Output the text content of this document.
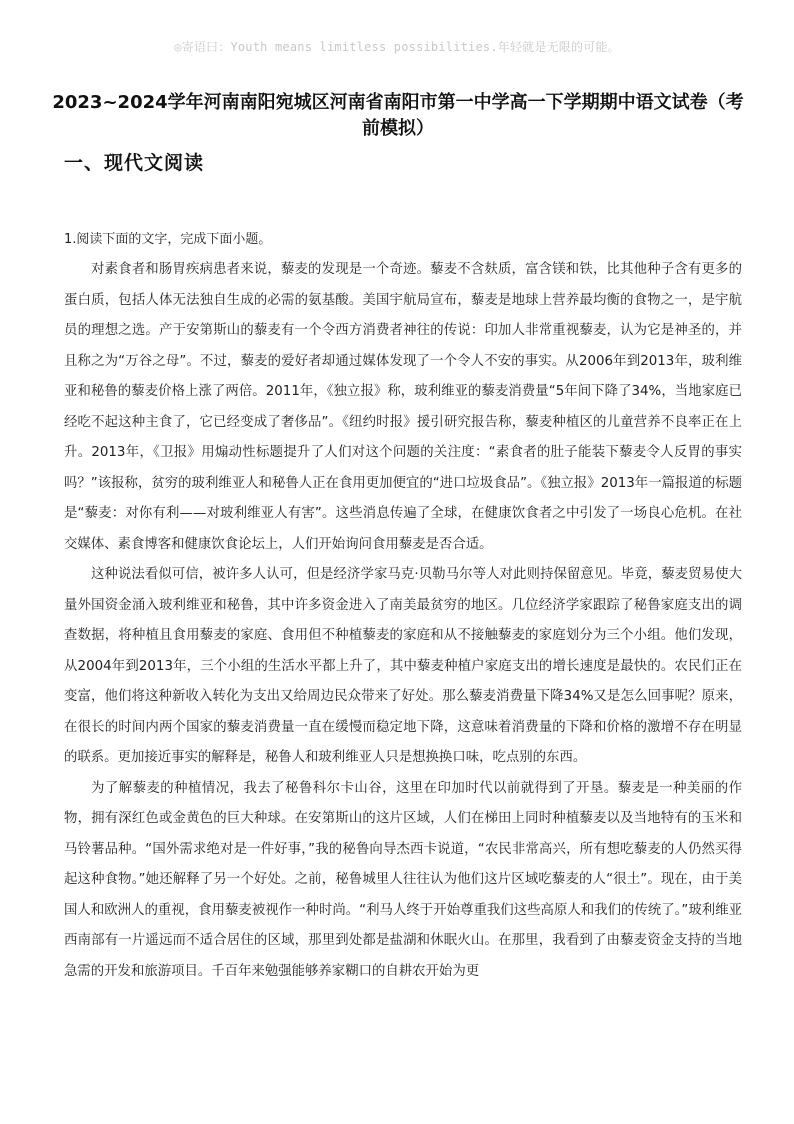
◎寄语曰：Youth means limitless possibilities.年轻就是无限的可能。
2023~2024学年河南南阳宛城区河南省南阳市第一中学高一下学期期中语文试卷（考前模拟）
一、现代文阅读
1.阅读下面的文字，完成下面小题。

对素食者和肠胃疾病患者来说，藜麦的发现是一个奇迹。藜麦不含麸质，富含镁和铁，比其他种子含有更多的蛋白质，包括人体无法独自生成的必需的氨基酸。美国宇航局宣布，藜麦是地球上营养最均衡的食物之一，是宇航员的理想之选。产于安第斯山的藜麦有一个令西方消费者神往的传说：印加人非常重视藜麦，认为它是神圣的，并且称之为“万谷之母”。不过，藜麦的爱好者却通过媒体发现了一个令人不安的事实。从2006年到2013年，玻利维亚和秘鲁的藜麦价格上涨了两倍。2011年，《独立报》称，玻利维亚的藜麦消费量“5年间下降了34%，当地家庭已经吃不起这种主食了，它已经变成了奢侈品”。《纽约时报》援引研究报告称，藜麦种植区的儿童营养不良率正在上升。2013年，《卫报》用煽动性标题提升了人们对这个问题的关注度：“素食者的肚子能装下藜麦令人反胃的事实吗？”该报称，贫穷的玻利维亚人和秘鲁人正在食用更加便宜的“进口垃圾食品”。《独立报》2013年一篇报道的标题是“藜麦：对你有利——对玻利维亚人有害”。这些消息传遍了全球，在健康饮食者之中引发了一场良心危机。在社交媒体、素食博客和健康饮食论坛上，人们开始询问食用藜麦是否合适。

这种说法看似可信，被许多人认可，但是经济学家马克·贝勒马尔等人对此则持保留意见。毕竟，藜麦贸易使大量外国资金涌入玻利维亚和秘鲁，其中许多资金进入了南美最贫穷的地区。几位经济学家跟踪了秘鲁家庭支出的调查数据，将种植且食用藜麦的家庭、食用但不种植藜麦的家庭和从不接触藜麦的家庭划分为三个小组。他们发现，从2004年到2013年，三个小组的生活水平都上升了，其中藜麦种植户家庭支出的增长速度是最快的。农民们正在变富，他们将这种新收入转化为支出又给周边民众带来了好处。那么藜麦消费量下降34%又是怎么回事呢？原来，在很长的时间内两个国家的藜麦消费量一直在缓慢而稳定地下降，这意味着消费量的下降和价格的激增不存在明显的联系。更加接近事实的解释是，秘鲁人和玻利维亚人只是想换换口味，吃点别的东西。

为了解藜麦的种植情况，我去了秘鲁科尔卡山谷，这里在印加时代以前就得到了开垦。藜麦是一种美丽的作物，拥有深红色或金黄色的巨大种球。在安第斯山的这片区域，人们在梯田上同时种植藜麦以及当地特有的玉米和马铃薯品种。“国外需求绝对是一件好事，”我的秘鲁向导杰西卡说道，“农民非常高兴，所有想吃藜麦的人仍然买得起这种食物。”她还解释了另一个好处。之前，秘鲁城里人往往认为他们这片区域吃藜麦的人“很土”。现在，由于美国人和欧洲人的重视，食用藜麦被视作一种时尚。“利马人终于开始尊重我们这些高原人和我们的传统了。”玻利维亚西南部有一片遥远而不适合居住的区域，那里到处都是盐湖和休眠火山。在那里，我看到了由藜麦资金支持的当地急需的开发和旅游项目。千百年来勉强能够养家糊口的自耕农开始为更
